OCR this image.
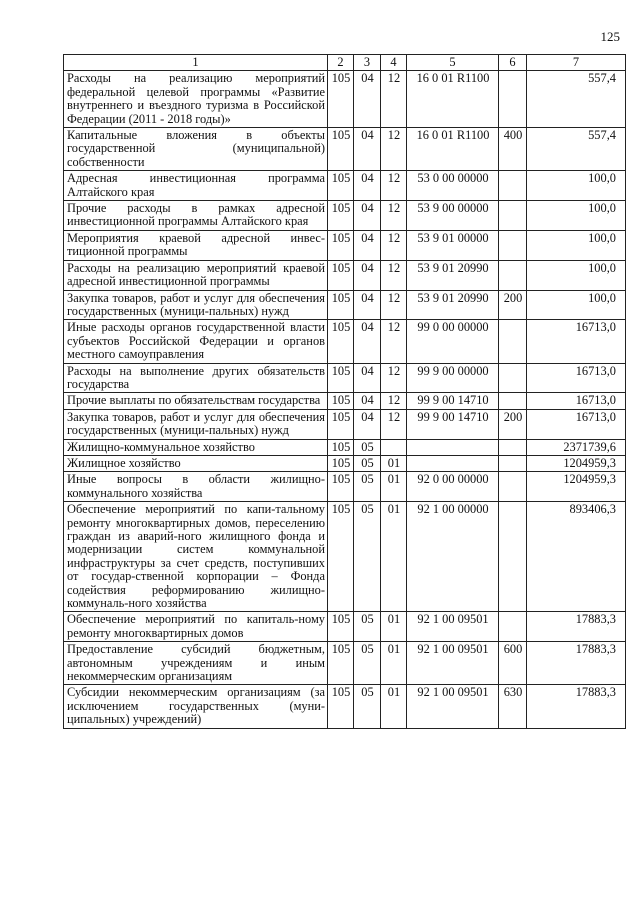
125
1	2	3	4	5	6	7
Расходы на реализацию мероприятий федеральной целевой программы «Развитие внутреннего и въездного туризма в Российской Федерации (2011 - 2018 годы)»	105	04	12	16 0 01 R1100		557,4
Капитальные вложения в объекты государственной (муниципальной) собственности	105	04	12	16 0 01 R1100	400	557,4
Адресная инвестиционная программа Алтайского края	105	04	12	53 0 00 00000		100,0
Прочие расходы в рамках адресной инвестиционной программы Алтайского края	105	04	12	53 9 00 00000		100,0
Мероприятия краевой адресной инвес-тиционной программы	105	04	12	53 9 01 00000		100,0
Расходы на реализацию мероприятий краевой адресной инвестиционной программы	105	04	12	53 9 01 20990		100,0
Закупка товаров, работ и услуг для обеспечения государственных (муници-пальных) нужд	105	04	12	53 9 01 20990	200	100,0
Иные расходы органов государственной власти субъектов Российской Федерации и органов местного самоуправления	105	04	12	99 0 00 00000		16713,0
Расходы на выполнение других обязательств государства	105	04	12	99 9 00 00000		16713,0
Прочие выплаты по обязательствам государства	105	04	12	99 9 00 14710		16713,0
Закупка товаров, работ и услуг для обеспечения государственных (муници-пальных) нужд	105	04	12	99 9 00 14710	200	16713,0
Жилищно-коммунальное хозяйство	105	05				2371739,6
Жилищное хозяйство	105	05	01			1204959,3
Иные вопросы в области жилищно-коммунального хозяйства	105	05	01	92 0 00 00000		1204959,3
Обеспечение мероприятий по капи-тальному ремонту многоквартирных домов, переселению граждан из аварий-ного жилищного фонда и модернизации систем коммунальной инфраструктуры за счет средств, поступивших от государ-ственной корпорации – Фонда содействия реформированию жилищно-коммуналь-ного хозяйства	105	05	01	92 1 00 00000		893406,3
Обеспечение мероприятий по капиталь-ному ремонту многоквартирных домов	105	05	01	92 1 00 09501		17883,3
Предоставление субсидий бюджетным, автономным учреждениям и иным некоммерческим организациям	105	05	01	92 1 00 09501	600	17883,3
Субсидии некоммерческим организациям (за исключением государственных (муни-ципальных) учреждений)	105	05	01	92 1 00 09501	630	17883,3
